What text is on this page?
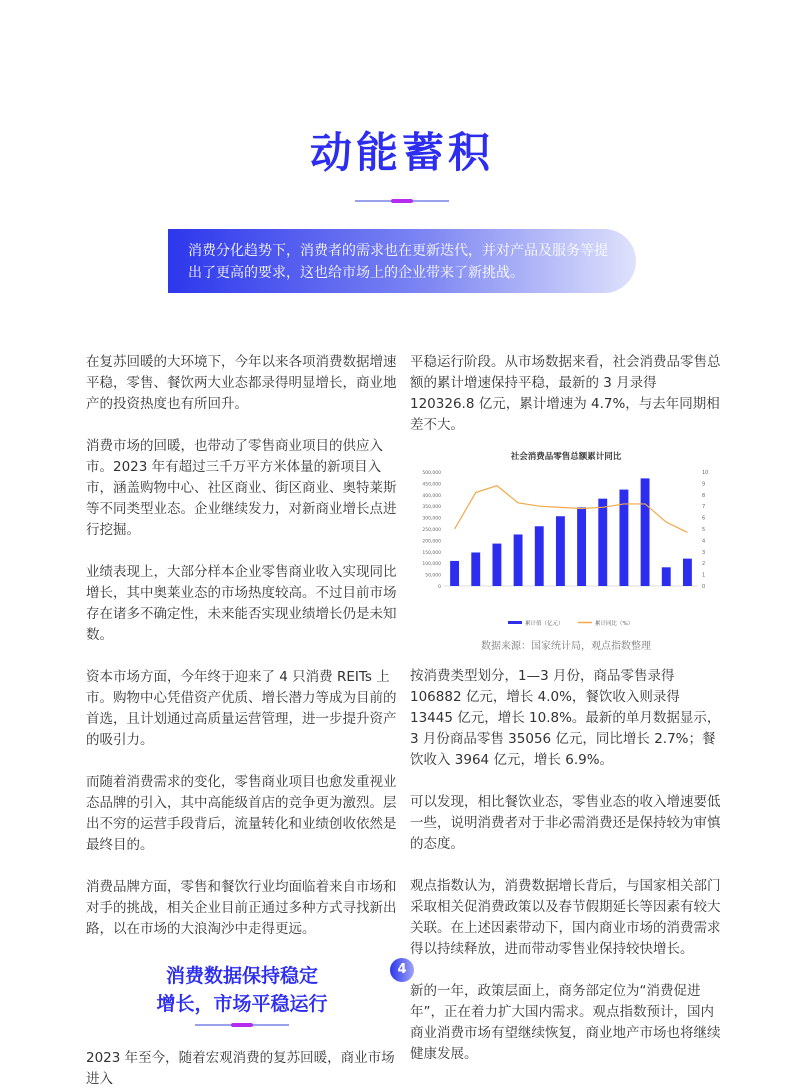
动能蓄积
消费分化趋势下，消费者的需求也在更新迭代，并对产品及服务等提出了更高的要求，这也给市场上的企业带来了新挑战。

在复苏回暖的大环境下，今年以来各项消费数据增速平稳，零售、餐饮两大业态都录得明显增长，商业地产的投资热度也有所回升。

消费市场的回暖，也带动了零售商业项目的供应入市。2023 年有超过三千万平方米体量的新项目入市，涵盖购物中心、社区商业、街区商业、奥特莱斯等不同类型业态。企业继续发力，对新商业增长点进行挖掘。

业绩表现上，大部分样本企业零售商业收入实现同比增长，其中奥莱业态的市场热度较高。不过目前市场存在诸多不确定性，未来能否实现业绩增长仍是未知数。

资本市场方面，今年终于迎来了 4 只消费 REITs 上市。购物中心凭借资产优质、增长潜力等成为目前的首选，且计划通过高质量运营管理，进一步提升资产的吸引力。

而随着消费需求的变化，零售商业项目也愈发重视业态品牌的引入，其中高能级首店的竞争更为激烈。层出不穷的运营手段背后，流量转化和业绩创收依然是最终目的。

消费品牌方面，零售和餐饮行业均面临着来自市场和对手的挑战，相关企业目前正通过多种方式寻找新出路，以在市场的大浪淘沙中走得更远。

消费数据保持稳定
增长，市场平稳运行

2023 年至今，随着宏观消费的复苏回暖，商业市场进入

平稳运行阶段。从市场数据来看，社会消费品零售总额的累计增速保持平稳，最新的 3 月录得 120326.8 亿元，累计增速为 4.7%，与去年同期相差不大。

社会消费品零售总额累计同比
500,000
450,000
400,000
350,000
300,000
250,000
200,000
150,000
100,000
50,000
0
10
9
8
7
6
5
4
3
2
1
0
累计值（亿元）	累计同比（%）
数据来源：国家统计局，观点指数整理

按消费类型划分，1—3 月份，商品零售录得 106882 亿元，增长 4.0%，餐饮收入则录得 13445 亿元，增长 10.8%。最新的单月数据显示，3 月份商品零售 35056 亿元，同比增长 2.7%；餐饮收入 3964 亿元，增长 6.9%。

可以发现，相比餐饮业态，零售业态的收入增速要低一些，说明消费者对于非必需消费还是保持较为审慎的态度。

观点指数认为，消费数据增长背后，与国家相关部门采取相关促消费政策以及春节假期延长等因素有较大关联。在上述因素带动下，国内商业市场的消费需求得以持续释放，进而带动零售业保持较快增长。

新的一年，政策层面上，商务部定位为“消费促进年”，正在着力扩大国内需求。观点指数预计，国内商业消费市场有望继续恢复，商业地产市场也将继续健康发展。

4
